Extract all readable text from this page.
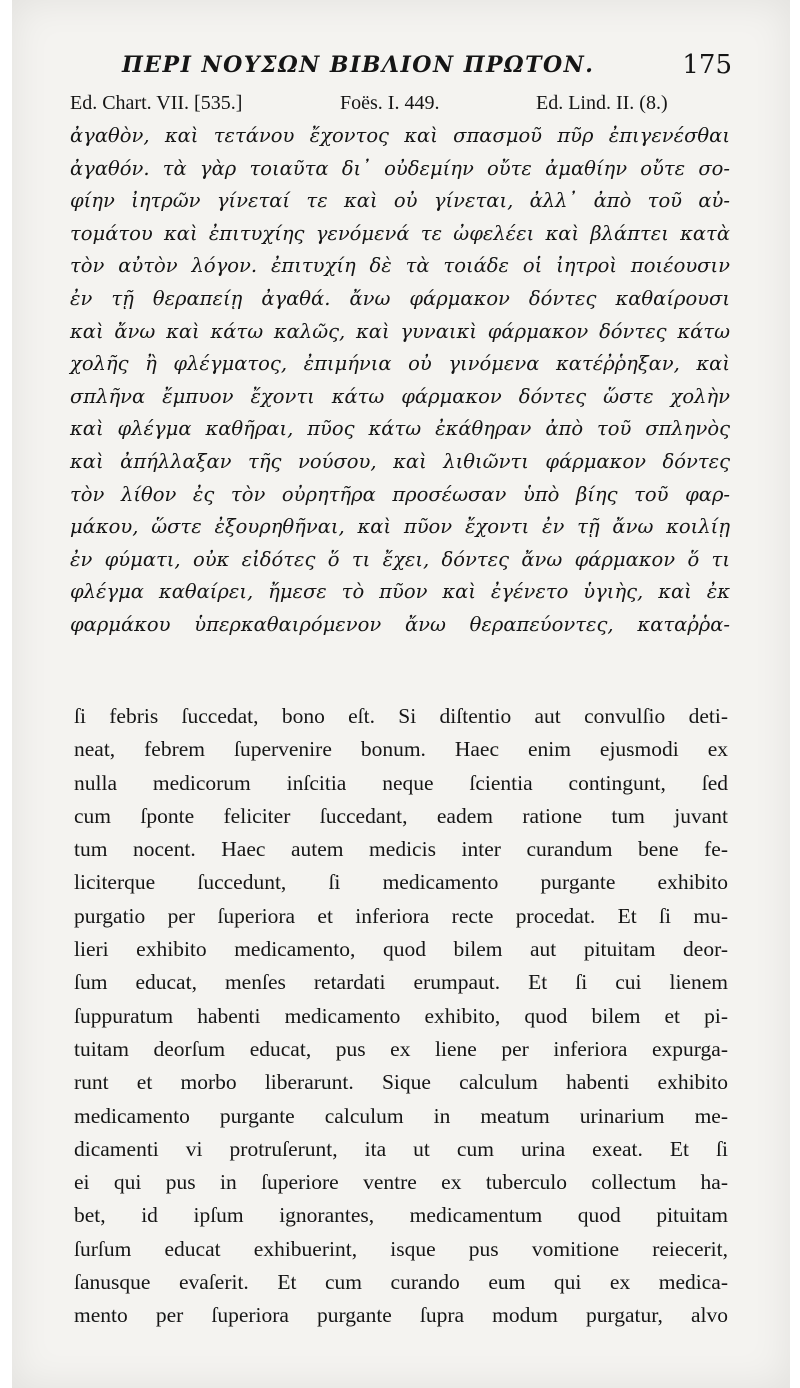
ΠΕΡΙ ΝΟΥΣΩΝ ΒΙΒΛΙΟΝ ΠΡΩΤΟΝ.	175
Ed. Chart. VII. [535.]	Foës. I. 449.	Ed. Lind. II. (8.)
ἀγαθὸν, καὶ τετάνου ἔχοντος καὶ σπασμοῦ πῦρ ἐπιγενέσθαι
ἀγαθόν. τὰ γὰρ τοιαῦτα δι᾽ οὐδεμίην οὔτε ἀμαθίην οὔτε σο-
φίην ἰητρῶν γίνεταί τε καὶ οὐ γίνεται, ἀλλ᾽ ἀπὸ τοῦ αὐ-
τομάτου καὶ ἐπιτυχίης γενόμενά τε ὠφελέει καὶ βλάπτει κατὰ
τὸν αὐτὸν λόγον. ἐπιτυχίη δὲ τὰ τοιάδε οἱ ἰητροὶ ποιέουσιν
ἐν τῇ θεραπείῃ ἀγαθά. ἄνω φάρμακον δόντες καθαίρουσι
καὶ ἄνω καὶ κάτω καλῶς, καὶ γυναικὶ φάρμακον δόντες κάτω
χολῆς ἢ φλέγματος, ἐπιμήνια οὐ γινόμενα κατέῤῥηξαν, καὶ
σπλῆνα ἔμπυον ἔχοντι κάτω φάρμακον δόντες ὥστε χολὴν
καὶ φλέγμα καθῆραι, πῦος κάτω ἐκάθηραν ἀπὸ τοῦ σπληνὸς
καὶ ἀπήλλαξαν τῆς νούσου, καὶ λιθιῶντι φάρμακον δόντες
τὸν λίθον ἐς τὸν οὐρητῆρα προσέωσαν ὑπὸ βίης τοῦ φαρ-
μάκου, ὥστε ἐξουρηθῆναι, καὶ πῦον ἔχοντι ἐν τῇ ἄνω κοιλίῃ
ἐν φύματι, οὐκ εἰδότες ὅ τι ἔχει, δόντες ἄνω φάρμακον ὅ τι
φλέγμα καθαίρει, ἤμεσε τὸ πῦον καὶ ἐγένετο ὑγιὴς, καὶ ἐκ
φαρμάκου ὑπερκαθαιρόμενον ἄνω θεραπεύοντες, καταῤῥα-
ſi febris ſuccedat, bono eſt. Si diſtentio aut convulſio deti-
neat, febrem ſupervenire bonum. Haec enim ejusmodi ex
nulla medicorum inſcitia neque ſcientia contingunt, ſed
cum ſponte feliciter ſuccedant, eadem ratione tum juvant
tum nocent. Haec autem medicis inter curandum bene fe-
liciterque ſuccedunt, ſi medicamento purgante exhibito
purgatio per ſuperiora et inferiora recte procedat. Et ſi mu-
lieri exhibito medicamento, quod bilem aut pituitam deor-
ſum educat, menſes retardati erumpaut. Et ſi cui lienem
ſuppuratum habenti medicamento exhibito, quod bilem et pi-
tuitam deorſum educat, pus ex liene per inferiora expurga-
runt et morbo liberarunt. Sique calculum habenti exhibito
medicamento purgante calculum in meatum urinarium me-
dicamenti vi protruſerunt, ita ut cum urina exeat. Et ſi
ei qui pus in ſuperiore ventre ex tuberculo collectum ha-
bet, id ipſum ignorantes, medicamentum quod pituitam
ſurſum educat exhibuerint, isque pus vomitione reiecerit,
ſanusque evaſerit. Et cum curando eum qui ex medica-
mento per ſuperiora purgante ſupra modum purgatur, alvo
